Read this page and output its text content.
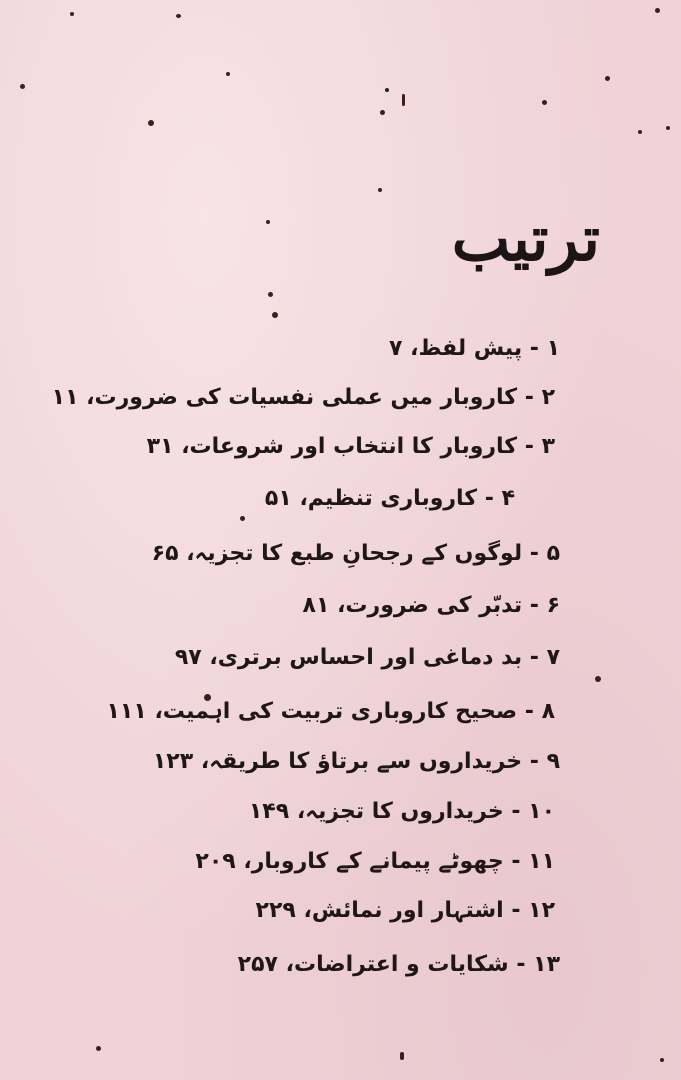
ترتیب
۱ - پیش لفظ، ۷
۲ - کاروبار میں عملی نفسیات کی ضرورت، ۱۱
۳ - کاروبار کا انتخاب اور شروعات، ۳۱
۴ - کاروباری تنظیم، ۵۱
۵ - لوگوں کے رجحانِ طبع کا تجزیہ، ۶۵
۶ - تدبّر کی ضرورت، ۸۱
۷ - بد دماغی اور احساس برتری، ۹۷
۸ - صحیح کاروباری تربیت کی اہمیت، ۱۱۱
۹ - خریداروں سے برتاؤ کا طریقہ، ۱۲۳
۱۰ - خریداروں کا تجزیہ، ۱۴۹
۱۱ - چھوٹے پیمانے کے کاروبار، ۲۰۹
۱۲ - اشتہار اور نمائش، ۲۲۹
۱۳ - شکایات و اعتراضات، ۲۵۷
